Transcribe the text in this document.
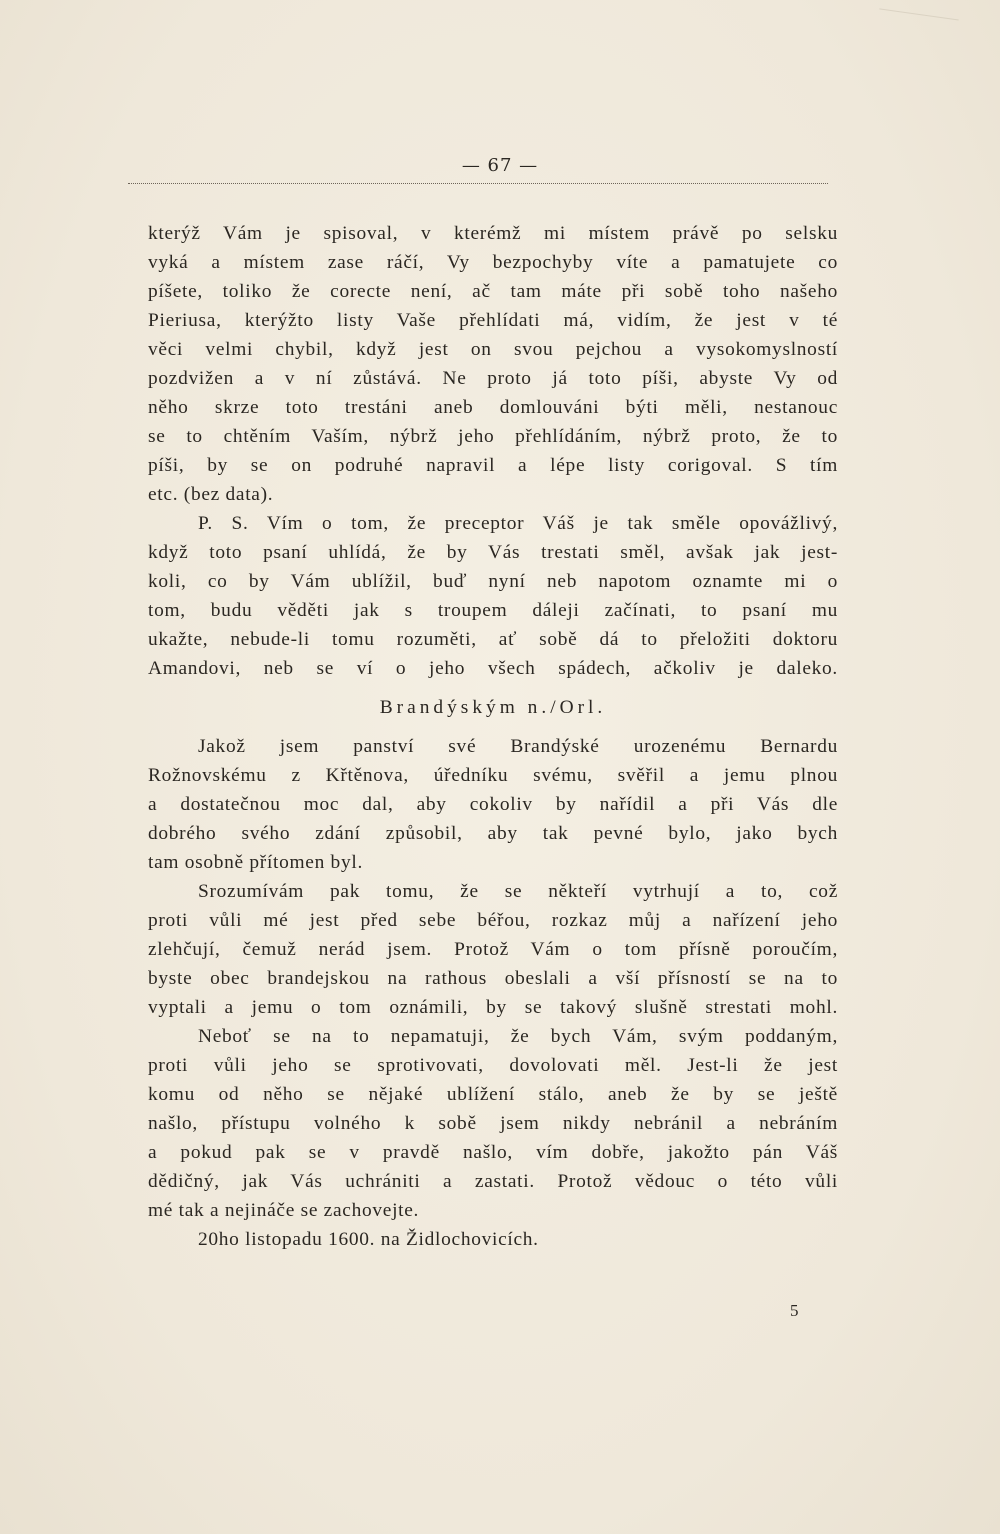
— 67 —
kterýž Vám je spisoval, v kterémž mi místem právě po selsku
vyká a místem zase ráčí, Vy bezpochyby víte a pamatujete co
píšete, toliko že corecte není, ač tam máte při sobě toho našeho
Pieriusa, kterýžto listy Vaše přehlídati má, vidím, že jest v té
věci velmi chybil, když jest on svou pejchou a vysokomyslností
pozdvižen a v ní zůstává. Ne proto já toto píši, abyste Vy od
něho skrze toto trestáni aneb domlouváni býti měli, nestanouc
se to chtěním Vaším, nýbrž jeho přehlídáním, nýbrž proto, že to
píši, by se on podruhé napravil a lépe listy corigoval. S tím
etc. (bez data).
P. S. Vím o tom, že preceptor Váš je tak směle opovážlivý,
když toto psaní uhlídá, že by Vás trestati směl, avšak jak jest-
koli, co by Vám ublížil, buď nyní neb napotom oznamte mi o
tom, budu věděti jak s troupem dáleji začínati, to psaní mu
ukažte, nebude-li tomu rozuměti, ať sobě dá to přeložiti doktoru
Amandovi, neb se ví o jeho všech spádech, ačkoliv je daleko.
Brandýským n./Orl.
Jakož jsem panství své Brandýské urozenému Bernardu
Rožnovskému z Křtěnova, úředníku svému, svěřil a jemu plnou
a dostatečnou moc dal, aby cokoliv by nařídil a při Vás dle
dobrého svého zdání způsobil, aby tak pevné bylo, jako bych
tam osobně přítomen byl.
Srozumívám pak tomu, že se někteří vytrhují a to, což
proti vůli mé jest před sebe béřou, rozkaz můj a nařízení jeho
zlehčují, čemuž nerád jsem. Protož Vám o tom přísně poroučím,
byste obec brandejskou na rathous obeslali a vší přísností se na to
vyptali a jemu o tom oznámili, by se takový slušně strestati mohl.
Neboť se na to nepamatuji, že bych Vám, svým poddaným,
proti vůli jeho se sprotivovati, dovolovati měl. Jest-li že jest
komu od něho se nějaké ublížení stálo, aneb že by se ještě
našlo, přístupu volného k sobě jsem nikdy nebránil a nebráním
a pokud pak se v pravdě našlo, vím dobře, jakožto pán Váš
dědičný, jak Vás uchrániti a zastati. Protož vědouc o této vůli
mé tak a nejináče se zachovejte.
20ho listopadu 1600. na Židlochovicích.
5
